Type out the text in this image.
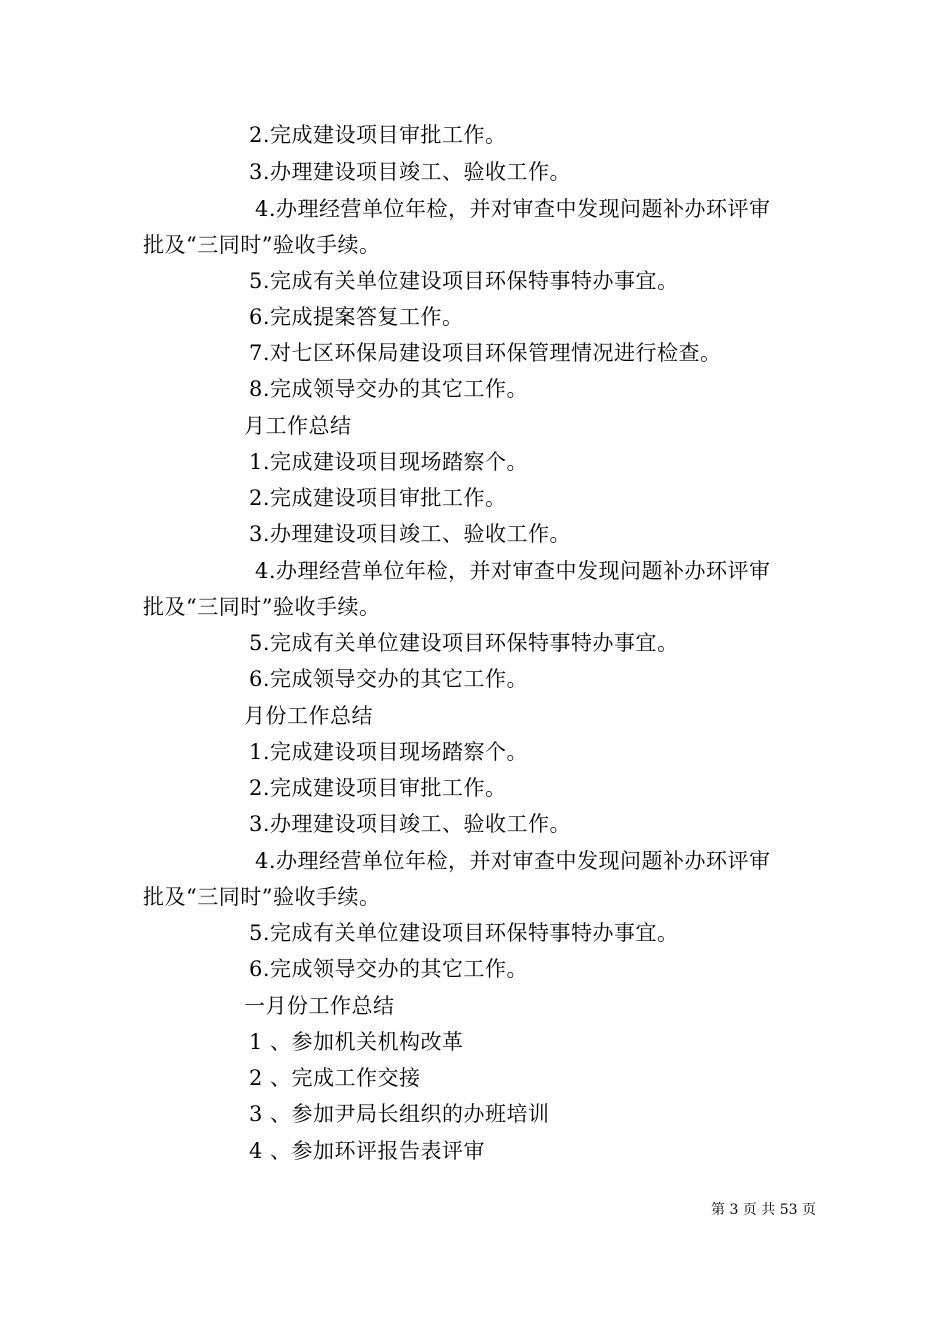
2.完成建设项目审批工作。
3.办理建设项目竣工、验收工作。
4.办理经营单位年检，并对审查中发现问题补办环评审
批及“三同时”验收手续。
5.完成有关单位建设项目环保特事特办事宜。
6.完成提案答复工作。
7.对七区环保局建设项目环保管理情况进行检查。
8.完成领导交办的其它工作。
月工作总结
1.完成建设项目现场踏察个。
2.完成建设项目审批工作。
3.办理建设项目竣工、验收工作。
4.办理经营单位年检，并对审查中发现问题补办环评审
批及“三同时”验收手续。
5.完成有关单位建设项目环保特事特办事宜。
6.完成领导交办的其它工作。
月份工作总结
1.完成建设项目现场踏察个。
2.完成建设项目审批工作。
3.办理建设项目竣工、验收工作。
4.办理经营单位年检，并对审查中发现问题补办环评审
批及“三同时”验收手续。
5.完成有关单位建设项目环保特事特办事宜。
6.完成领导交办的其它工作。
一月份工作总结
1 、参加机关机构改革
2 、完成工作交接
3 、参加尹局长组织的办班培训
4 、参加环评报告表评审
第 3 页 共 53 页
